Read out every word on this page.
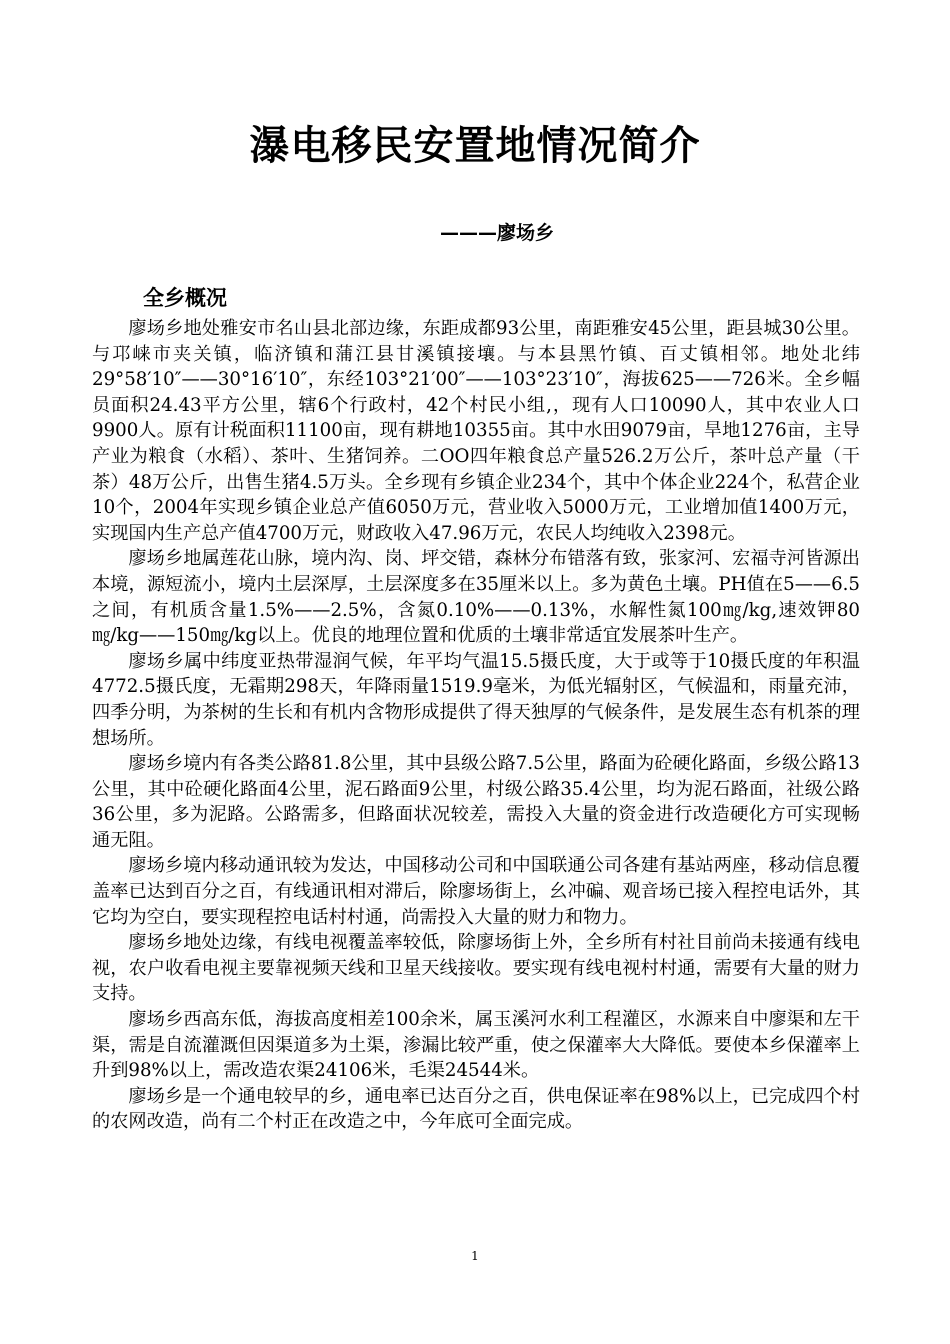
瀑电移民安置地情况简介
———廖场乡
全乡概况

廖场乡地处雅安市名山县北部边缘，东距成都93公里，南距雅安45公里，距县城30公里。与邛崃市夹关镇，临济镇和蒲江县甘溪镇接壤。与本县黑竹镇、百丈镇相邻。地处北纬29°58′10″——30°16′10″，东经103°21′00″——103°23′10″，海拔625——726米。全乡幅员面积24.43平方公里，辖6个行政村，42个村民小组,，现有人口10090人，其中农业人口9900人。原有计税面积11100亩，现有耕地10355亩。其中水田9079亩，旱地1276亩，主导产业为粮食（水稻）、茶叶、生猪饲养。二OO四年粮食总产量526.2万公斤，茶叶总产量（干茶）48万公斤，出售生猪4.5万头。全乡现有乡镇企业234个，其中个体企业224个，私营企业10个，2004年实现乡镇企业总产值6050万元，营业收入5000万元，工业增加值1400万元，实现国内生产总产值4700万元，财政收入47.96万元，农民人均纯收入2398元。

廖场乡地属莲花山脉，境内沟、岗、坪交错，森林分布错落有致，张家河、宏福寺河皆源出本境，源短流小，境内土层深厚，土层深度多在35厘米以上。多为黄色土壤。PH值在5——6.5之间，有机质含量1.5%——2.5%，含氮0.10%——0.13%，水解性氮100㎎/kg,速效钾80㎎/kg——150㎎/kg以上。优良的地理位置和优质的土壤非常适宜发展茶叶生产。

廖场乡属中纬度亚热带湿润气候，年平均气温15.5摄氏度，大于或等于10摄氏度的年积温4772.5摄氏度，无霜期298天，年降雨量1519.9毫米，为低光辐射区，气候温和，雨量充沛，四季分明，为茶树的生长和有机内含物形成提供了得天独厚的气候条件，是发展生态有机茶的理想场所。

廖场乡境内有各类公路81.8公里，其中县级公路7.5公里，路面为砼硬化路面，乡级公路13公里，其中砼硬化路面4公里，泥石路面9公里，村级公路35.4公里，均为泥石路面，社级公路36公里，多为泥路。公路需多，但路面状况较差，需投入大量的资金进行改造硬化方可实现畅通无阻。

廖场乡境内移动通讯较为发达，中国移动公司和中国联通公司各建有基站两座，移动信息覆盖率已达到百分之百，有线通讯相对滞后，除廖场街上，幺冲碥、观音场已接入程控电话外，其它均为空白，要实现程控电话村村通，尚需投入大量的财力和物力。

廖场乡地处边缘，有线电视覆盖率较低，除廖场街上外，全乡所有村社目前尚未接通有线电视，农户收看电视主要靠视频天线和卫星天线接收。要实现有线电视村村通，需要有大量的财力支持。

廖场乡西高东低，海拔高度相差100余米，属玉溪河水利工程灌区，水源来自中廖渠和左干渠，需是自流灌溉但因渠道多为土渠，渗漏比较严重，使之保灌率大大降低。要使本乡保灌率上升到98%以上，需改造农渠24106米，毛渠24544米。

廖场乡是一个通电较早的乡，通电率已达百分之百，供电保证率在98%以上，已完成四个村的农网改造，尚有二个村正在改造之中，今年底可全面完成。

1
